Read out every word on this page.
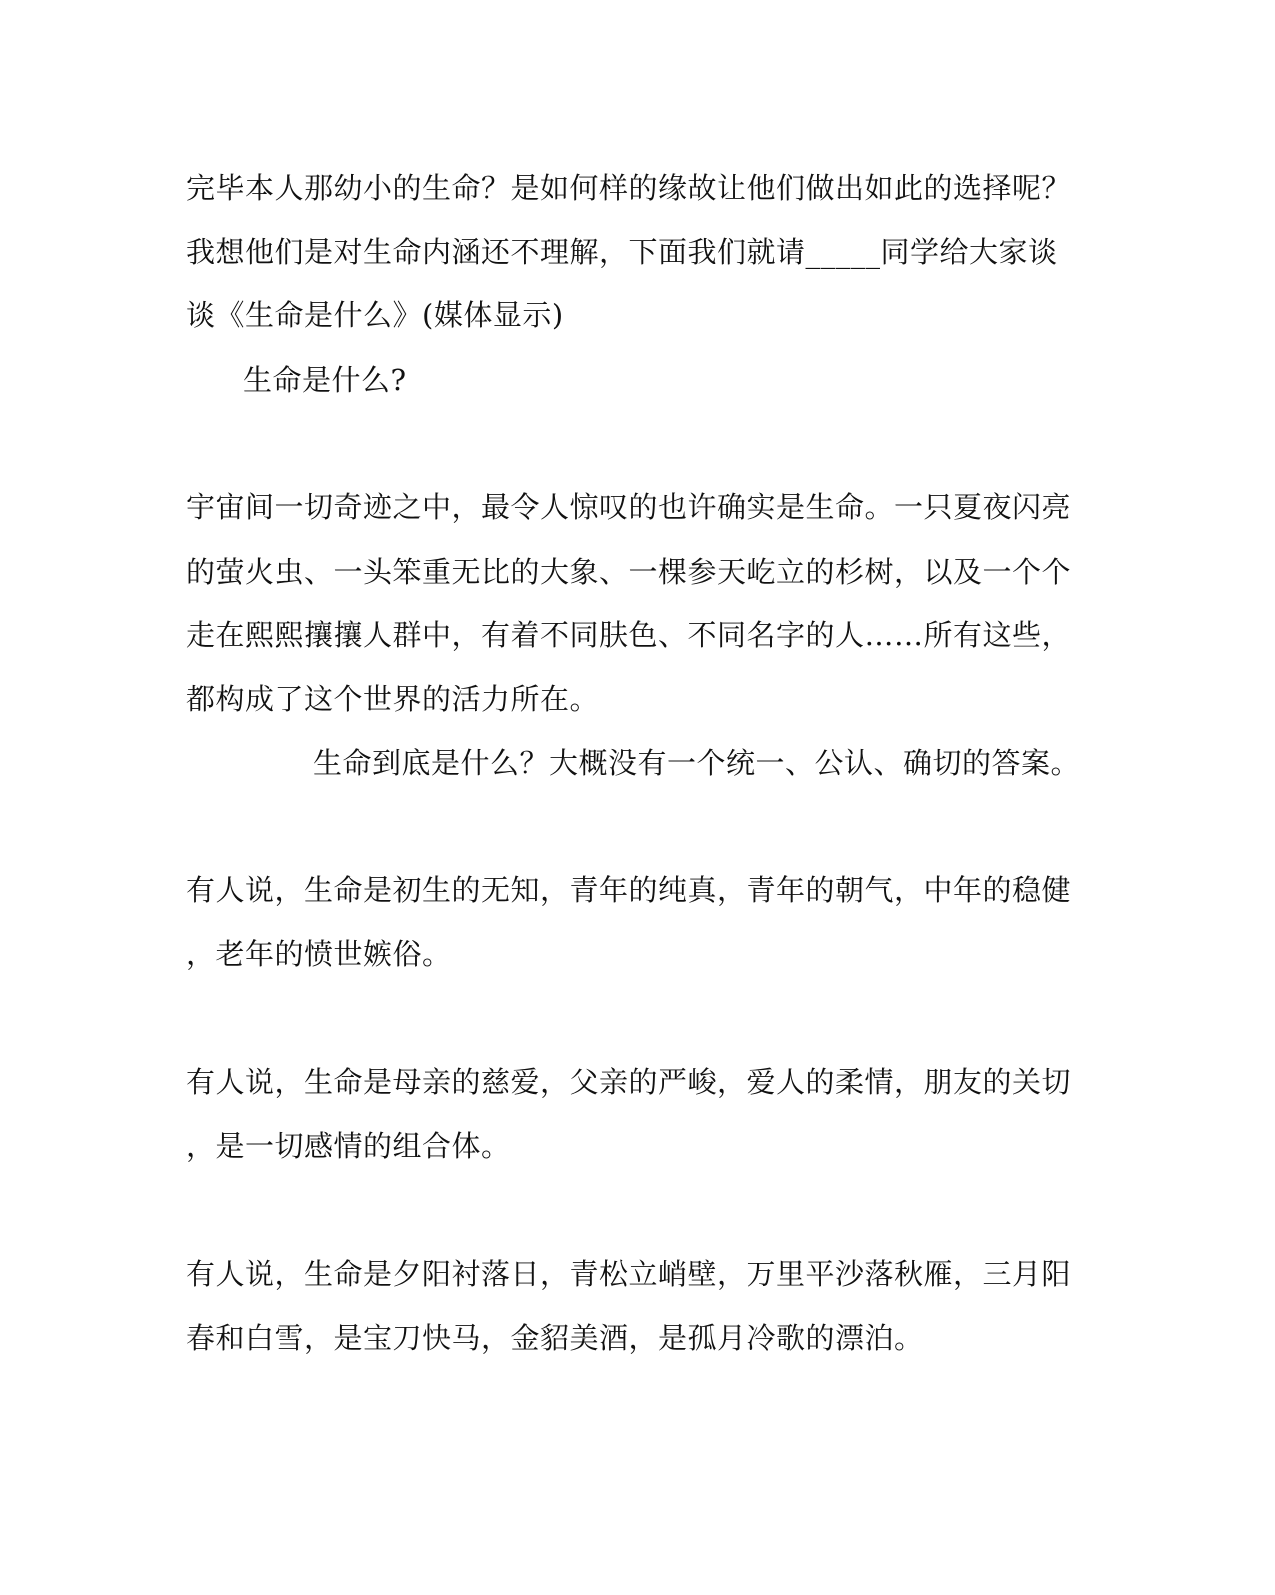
完毕本人那幼小的生命？是如何样的缘故让他们做出如此的选择呢？
我想他们是对生命内涵还不理解，下面我们就请_____同学给大家谈
谈《生命是什么》(媒体显示)
生命是什么?
宇宙间一切奇迹之中，最令人惊叹的也许确实是生命。一只夏夜闪亮
的萤火虫、一头笨重无比的大象、一棵参天屹立的杉树，以及一个个
走在熙熙攘攘人群中，有着不同肤色、不同名字的人……所有这些，
都构成了这个世界的活力所在。
生命到底是什么？大概没有一个统一、公认、确切的答案。
有人说，生命是初生的无知，青年的纯真，青年的朝气，中年的稳健
，老年的愤世嫉俗。
有人说，生命是母亲的慈爱，父亲的严峻，爱人的柔情，朋友的关切
，是一切感情的组合体。
有人说，生命是夕阳衬落日，青松立峭壁，万里平沙落秋雁，三月阳
春和白雪，是宝刀快马，金貂美酒，是孤月冷歌的漂泊。
